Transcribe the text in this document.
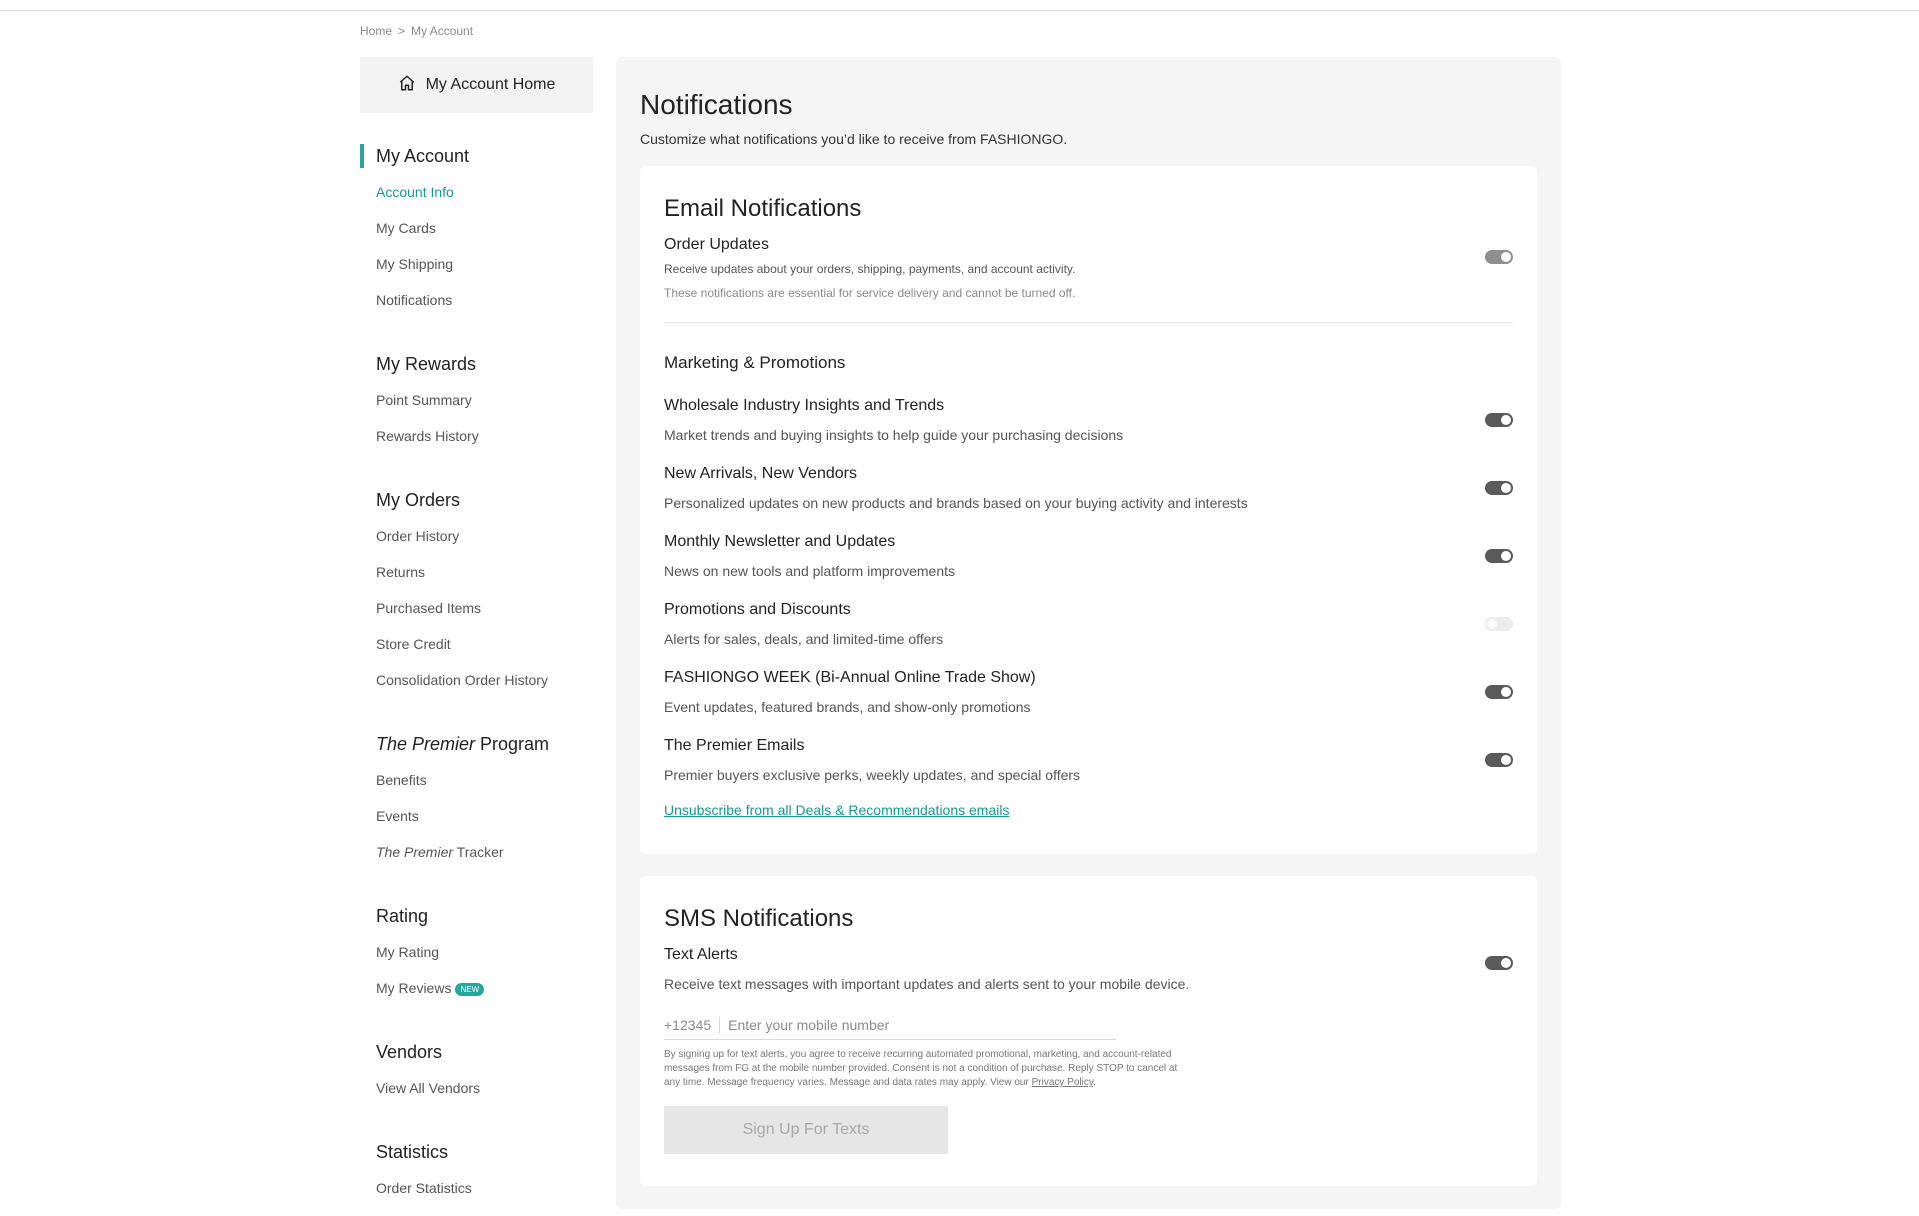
Home > My Account
My Account Home
My Account
Account Info
My Cards
My Shipping
Notifications
My Rewards
Point Summary
Rewards History
My Orders
Order History
Returns
Purchased Items
Store Credit
Consolidation Order History
The Premier Program
Benefits
Events
The Premier Tracker
Rating
My Rating
My Reviews NEW
Vendors
View All Vendors
Statistics
Order Statistics
Notifications
Customize what notifications you’d like to receive from FASHIONGO.
Email Notifications
Order Updates
Receive updates about your orders, shipping, payments, and account activity.
These notifications are essential for service delivery and cannot be turned off.
Marketing & Promotions
Wholesale Industry Insights and Trends
Market trends and buying insights to help guide your purchasing decisions
New Arrivals, New Vendors
Personalized updates on new products and brands based on your buying activity and interests
Monthly Newsletter and Updates
News on new tools and platform improvements
Promotions and Discounts
Alerts for sales, deals, and limited-time offers
FASHIONGO WEEK (Bi-Annual Online Trade Show)
Event updates, featured brands, and show-only promotions
The Premier Emails
Premier buyers exclusive perks, weekly updates, and special offers
Unsubscribe from all Deals & Recommendations emails
SMS Notifications
Text Alerts
Receive text messages with important updates and alerts sent to your mobile device.
+12345
Enter your mobile number
By signing up for text alerts, you agree to receive recurring automated promotional, marketing, and account-related messages from FG at the mobile number provided. Consent is not a condition of purchase. Reply STOP to cancel at any time. Message frequency varies. Message and data rates may apply. View our Privacy Policy.
Sign Up For Texts
